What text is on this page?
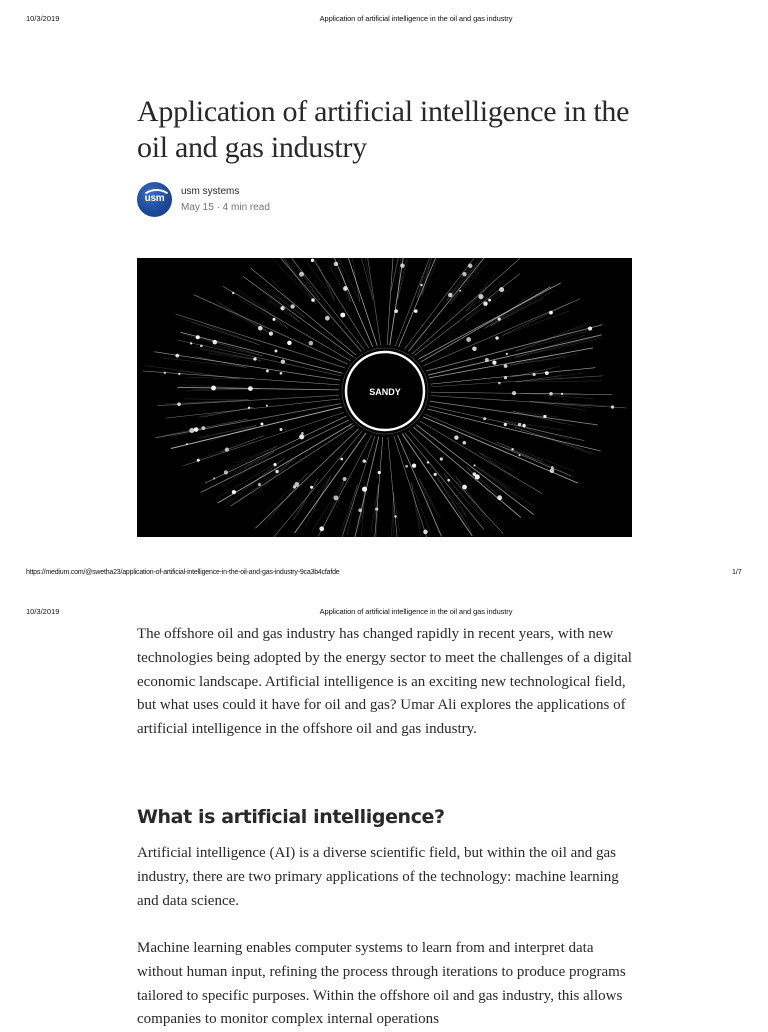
10/3/2019	Application of artificial intelligence in the oil and gas industry
Application of artificial intelligence in the oil and gas industry
usm
usm systems
May 15 · 4 min read
SANDY
https://medium.com/@swetha23/application-of-artificial-intelligence-in-the-oil-and-gas-industry-9ca3b4cfafde	1/7
10/3/2019	Application of artificial intelligence in the oil and gas industry

The offshore oil and gas industry has changed rapidly in recent years, with new technologies being adopted by the energy sector to meet the challenges of a digital economic landscape. Artificial intelligence is an exciting new technological field, but what uses could it have for oil and gas? Umar Ali explores the applications of artificial intelligence in the offshore oil and gas industry.

What is artificial intelligence?

Artificial intelligence (AI) is a diverse scientific field, but within the oil and gas industry, there are two primary applications of the technology: machine learning and data science.

Machine learning enables computer systems to learn from and interpret data without human input, refining the process through iterations to produce programs tailored to specific purposes. Within the offshore oil and gas industry, this allows companies to monitor complex internal operations
